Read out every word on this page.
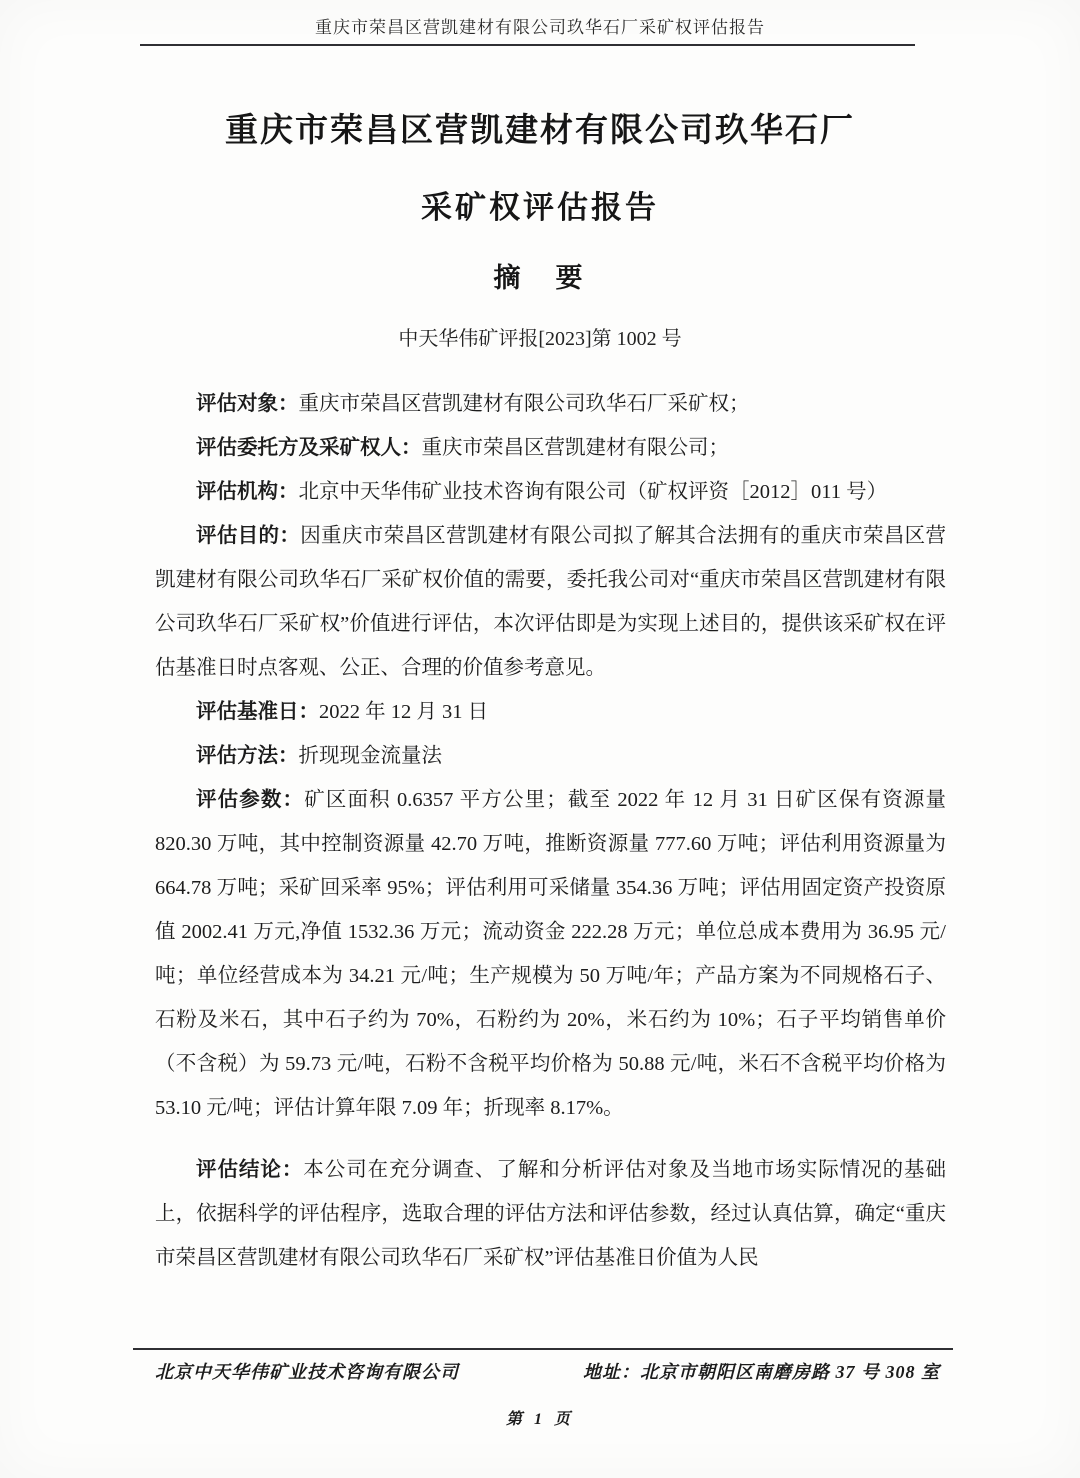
重庆市荣昌区营凯建材有限公司玖华石厂采矿权评估报告
重庆市荣昌区营凯建材有限公司玖华石厂
采矿权评估报告
摘　要
中天华伟矿评报[2023]第 1002 号

评估对象：重庆市荣昌区营凯建材有限公司玖华石厂采矿权；

评估委托方及采矿权人：重庆市荣昌区营凯建材有限公司；

评估机构：北京中天华伟矿业技术咨询有限公司（矿权评资［2012］011 号）

评估目的：因重庆市荣昌区营凯建材有限公司拟了解其合法拥有的重庆市荣昌区营凯建材有限公司玖华石厂采矿权价值的需要，委托我公司对“重庆市荣昌区营凯建材有限公司玖华石厂采矿权”价值进行评估，本次评估即是为实现上述目的，提供该采矿权在评估基准日时点客观、公正、合理的价值参考意见。

评估基准日：2022 年 12 月 31 日

评估方法：折现现金流量法

评估参数：矿区面积 0.6357 平方公里；截至 2022 年 12 月 31 日矿区保有资源量 820.30 万吨，其中控制资源量 42.70 万吨，推断资源量 777.60 万吨；评估利用资源量为 664.78 万吨；采矿回采率 95%；评估利用可采储量 354.36 万吨；评估用固定资产投资原值 2002.41 万元,净值 1532.36 万元；流动资金 222.28 万元；单位总成本费用为 36.95 元/吨；单位经营成本为 34.21 元/吨；生产规模为 50 万吨/年；产品方案为不同规格石子、石粉及米石，其中石子约为 70%，石粉约为 20%，米石约为 10%；石子平均销售单价（不含税）为 59.73 元/吨，石粉不含税平均价格为 50.88 元/吨，米石不含税平均价格为 53.10 元/吨；评估计算年限 7.09 年；折现率 8.17%。

评估结论：本公司在充分调查、了解和分析评估对象及当地市场实际情况的基础上，依据科学的评估程序，选取合理的评估方法和评估参数，经过认真估算，确定“重庆市荣昌区营凯建材有限公司玖华石厂采矿权”评估基准日价值为人民

北京中天华伟矿业技术咨询有限公司	地址：北京市朝阳区南磨房路 37 号 308 室
第 1 页
